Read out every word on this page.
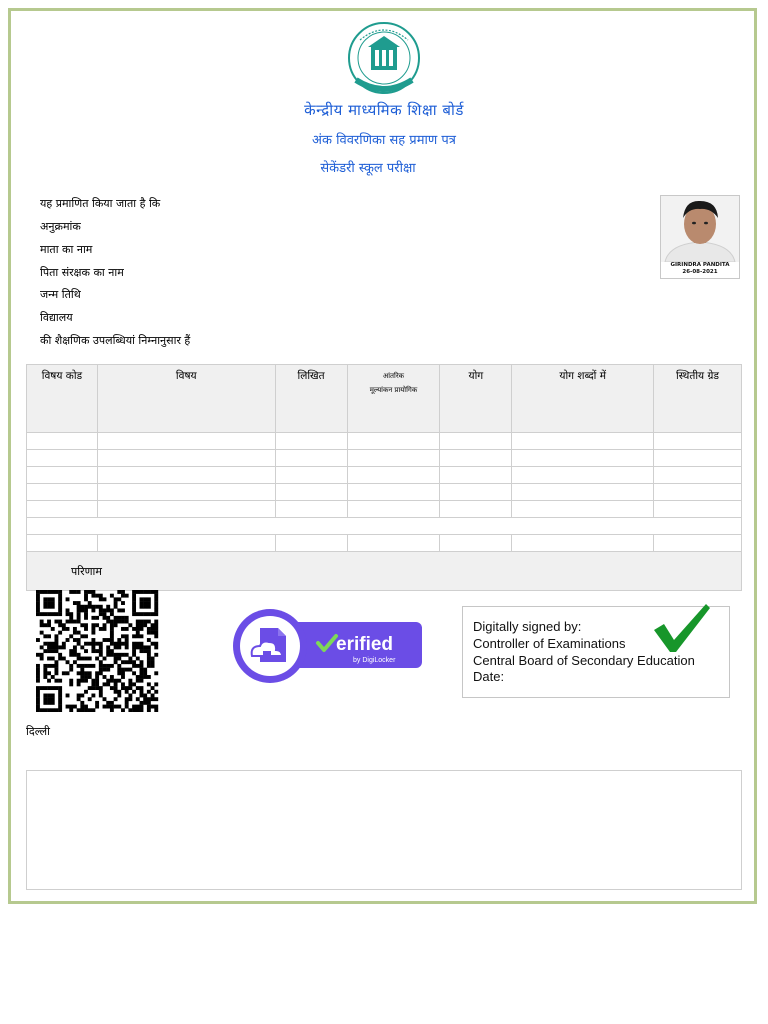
केन्द्रीय माध्यमिक शिक्षा बोर्ड
अंक विवरणिका सह प्रमाण पत्र
सेकेंडरी स्कूल परीक्षा
यह प्रमाणित किया जाता है कि
अनुक्रमांक
माता का नाम
पिता संरक्षक का नाम
जन्म तिथि
विद्यालय
की शैक्षणिक उपलब्धियां निम्नानुसार हैं
GIRINDRA PANDITA
26-08-2021
विषय कोड	विषय	लिखित	आंतरिक
मूल्यांकन प्रायोगिक	योग	योग शब्दों में	स्थितीय ग्रेड

परिणाम						
erified
by DigiLocker
Digitally signed by:
Controller of Examinations
Central Board of Secondary Education
Date:
दिल्ली
